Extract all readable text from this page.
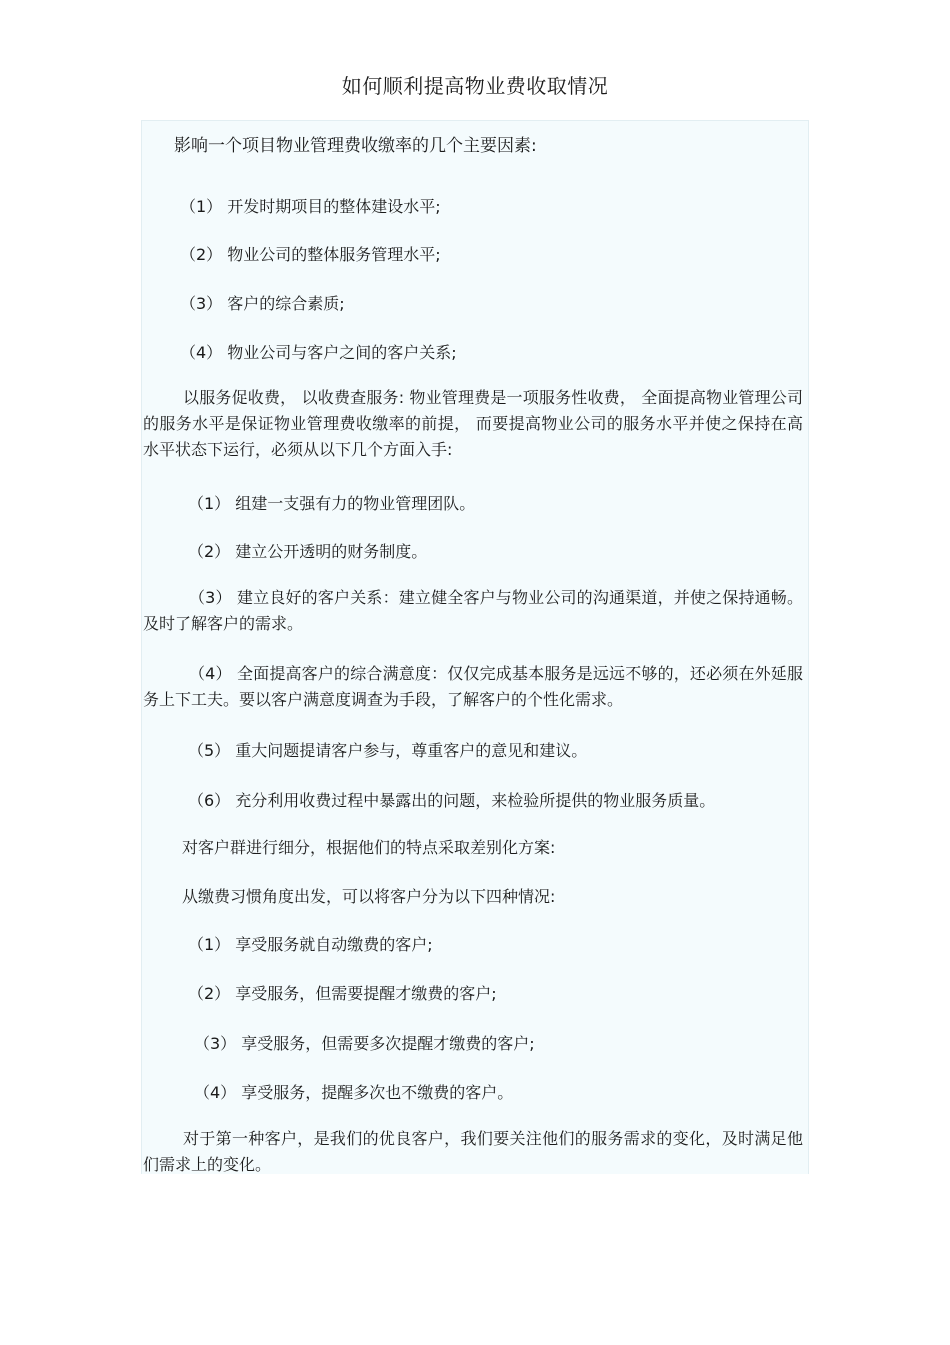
如何顺利提高物业费收取情况
影响一个项目物业管理费收缴率的几个主要因素:
（1） 开发时期项目的整体建设水平;
（2） 物业公司的整体服务管理水平;
（3） 客户的综合素质;
（4） 物业公司与客户之间的客户关系;
以服务促收费， 以收费查服务: 物业管理费是一项服务性收费， 全面提高物业管理公司的服务水平是保证物业管理费收缴率的前提， 而要提高物业公司的服务水平并使之保持在高水平状态下运行，必须从以下几个方面入手:
（1） 组建一支强有力的物业管理团队。
（2） 建立公开透明的财务制度。
（3） 建立良好的客户关系：建立健全客户与物业公司的沟通渠道，并使之保持通畅。及时了解客户的需求。
（4） 全面提高客户的综合满意度：仅仅完成基本服务是远远不够的，还必须在外延服务上下工夫。要以客户满意度调查为手段，了解客户的个性化需求。
（5） 重大问题提请客户参与，尊重客户的意见和建议。
（6） 充分利用收费过程中暴露出的问题，来检验所提供的物业服务质量。
对客户群进行细分，根据他们的特点采取差别化方案:
从缴费习惯角度出发，可以将客户分为以下四种情况:
（1） 享受服务就自动缴费的客户;
（2） 享受服务，但需要提醒才缴费的客户;
（3） 享受服务，但需要多次提醒才缴费的客户;
（4） 享受服务，提醒多次也不缴费的客户。
对于第一种客户，是我们的优良客户，我们要关注他们的服务需求的变化，及时满足他们需求上的变化。
